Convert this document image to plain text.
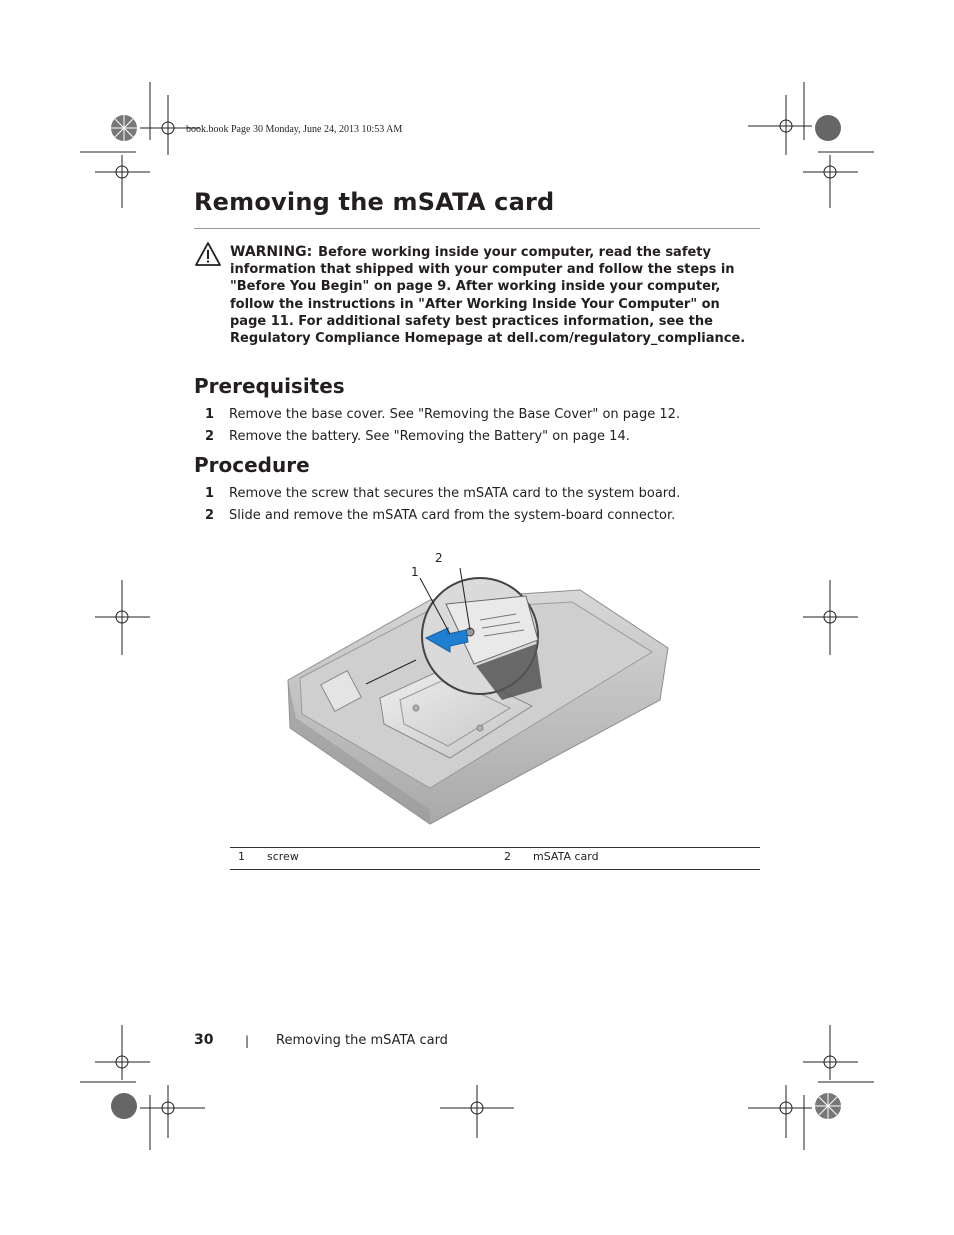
book.book Page 30 Monday, June 24, 2013 10:53 AM
Removing the mSATA card
WARNING: Before working inside your computer, read the safety information that shipped with your computer and follow the steps in "Before You Begin" on page 9. After working inside your computer, follow the instructions in "After Working Inside Your Computer" on page 11. For additional safety best practices information, see the Regulatory Compliance Homepage at dell.com/regulatory_compliance.
Prerequisites
1 Remove the base cover. See "Removing the Base Cover" on page 12.
2 Remove the battery. See "Removing the Battery" on page 14.
Procedure
1 Remove the screw that secures the mSATA card to the system board.
2 Slide and remove the mSATA card from the system-board connector.
2
1
1 screw	2 mSATA card
30	| Removing the mSATA card
